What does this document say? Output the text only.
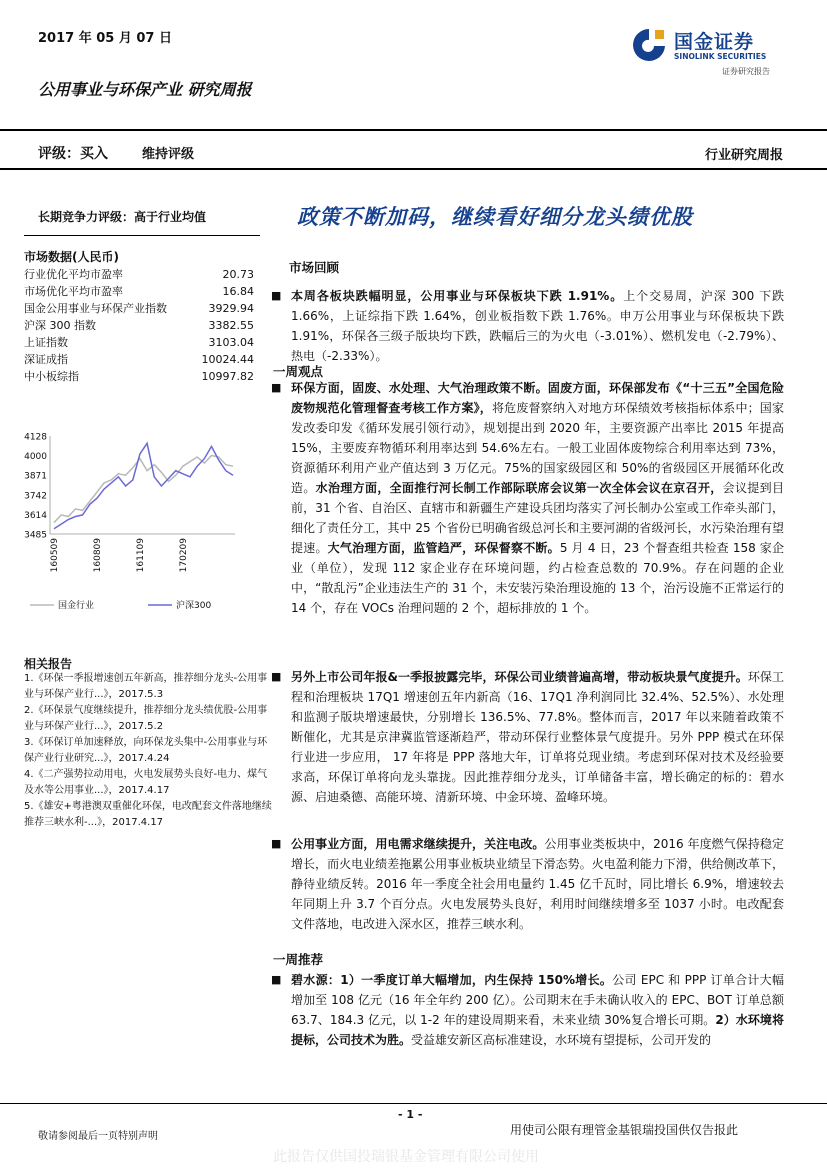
2017 年 05 月 07 日	国金证券
SINOLINK SECURITIES
证券研究报告
公用事业与环保产业 研究周报
评级：买入	维持评级	行业研究周报
长期竞争力评级：高于行业均值
市场数据(人民币)
行业优化平均市盈率	20.73
市场优化平均市盈率	16.84
国金公用事业与环保产业指数	3929.94
沪深 300 指数	3382.55
上证指数	3103.04
深证成指	10024.44
中小板综指	10997.82
4128
4000
3871
3742
3614
3485
160509	160809	161109	170209
国金行业	沪深300
相关报告
1.《环保一季报增速创五年新高，推荐细分龙头-公用事业与环保产业行...》，2017.5.3
2.《环保景气度继续提升，推荐细分龙头绩优股-公用事业与环保产业行...》，2017.5.2
3.《环保订单加速释放，向环保龙头集中-公用事业与环保产业行业研究...》，2017.4.24
4.《二产强势拉动用电，火电发展势头良好-电力、煤气及水等公用事业...》，2017.4.17
5.《雄安+粤港澳双重催化环保，电改配套文件落地继续推荐三峡水利-...》，2017.4.17
政策不断加码，继续看好细分龙头绩优股
市场回顾
■ 本周各板块跌幅明显，公用事业与环保板块下跌 1.91%。上个交易周，沪深 300 下跌 1.66%，上证综指下跌 1.64%，创业板指数下跌 1.76%。申万公用事业与环保板块下跌 1.91%，环保各三级子版块均下跌，跌幅后三的为火电（-3.01%）、燃机发电（-2.79%）、热电（-2.33%）。
一周观点
■ 环保方面，固废、水处理、大气治理政策不断。固废方面，环保部发布《“十三五”全国危险废物规范化管理督查考核工作方案》，将危废督察纳入对地方环保绩效考核指标体系中；国家发改委印发《循环发展引领行动》，规划提出到 2020 年，主要资源产出率比 2015 年提高 15%，主要废弃物循环利用率达到 54.6%左右。一般工业固体废物综合利用率达到 73%，资源循环利用产业产值达到 3 万亿元。75%的国家级园区和 50%的省级园区开展循环化改造。水治理方面，全面推行河长制工作部际联席会议第一次全体会议在京召开，会议提到目前，31 个省、自治区、直辖市和新疆生产建设兵团均落实了河长制办公室或工作牵头部门，细化了责任分工，其中 25 个省份已明确省级总河长和主要河湖的省级河长，水污染治理有望提速。大气治理方面，监管趋严，环保督察不断。5 月 4 日，23 个督查组共检查 158 家企业（单位），发现 112 家企业存在环境问题，约占检查总数的 70.9%。存在问题的企业中，“散乱污”企业违法生产的 31 个，未安装污染治理设施的 13 个，治污设施不正常运行的 14 个，存在 VOCs 治理问题的 2 个，超标排放的 1 个。
■ 另外上市公司年报&一季报披露完毕，环保公司业绩普遍高增，带动板块景气度提升。环保工程和治理板块 17Q1 增速创五年内新高（16、17Q1 净利润同比 32.4%、52.5%）、水处理和监测子版块增速最快，分别增长 136.5%、77.8%。整体而言，2017 年以来随着政策不断催化，尤其是京津冀监管逐渐趋严，带动环保行业整体景气度提升。另外 PPP 模式在环保行业进一步应用， 17 年将是 PPP 落地大年，订单将兑现业绩。考虑到环保对技术及经验要求高，环保订单将向龙头靠拢。因此推荐细分龙头，订单储备丰富，增长确定的标的：碧水源、启迪桑德、高能环境、清新环境、中金环境、盈峰环境。
■ 公用事业方面，用电需求继续提升，关注电改。公用事业类板块中，2016 年度燃气保持稳定增长，而火电业绩差拖累公用事业板块业绩呈下滑态势。火电盈利能力下滑，供给侧改革下，静待业绩反转。2016 年一季度全社会用电量约 1.45 亿千瓦时，同比增长 6.9%，增速较去年同期上升 3.7 个百分点。火电发展势头良好，利用时间继续增多至 1037 小时。电改配套文件落地，电改进入深水区，推荐三峡水利。
一周推荐
■ 碧水源：1）一季度订单大幅增加，内生保持 150%增长。公司 EPC 和 PPP 订单合计大幅增加至 108 亿元（16 年全年约 200 亿）。公司期末在手未确认收入的 EPC、BOT 订单总额 63.7、184.3 亿元，以 1-2 年的建设周期来看，未来业绩 30%复合增长可期。2）水环境将提标，公司技术为胜。受益雄安新区高标准建设，水环境有望提标，公司开发的
- 1 -
敬请参阅最后一页特别声明	用使司公限有理管金基银瑞投国供仅告报此
此报告仅供国投瑞银基金管理有限公司使用
